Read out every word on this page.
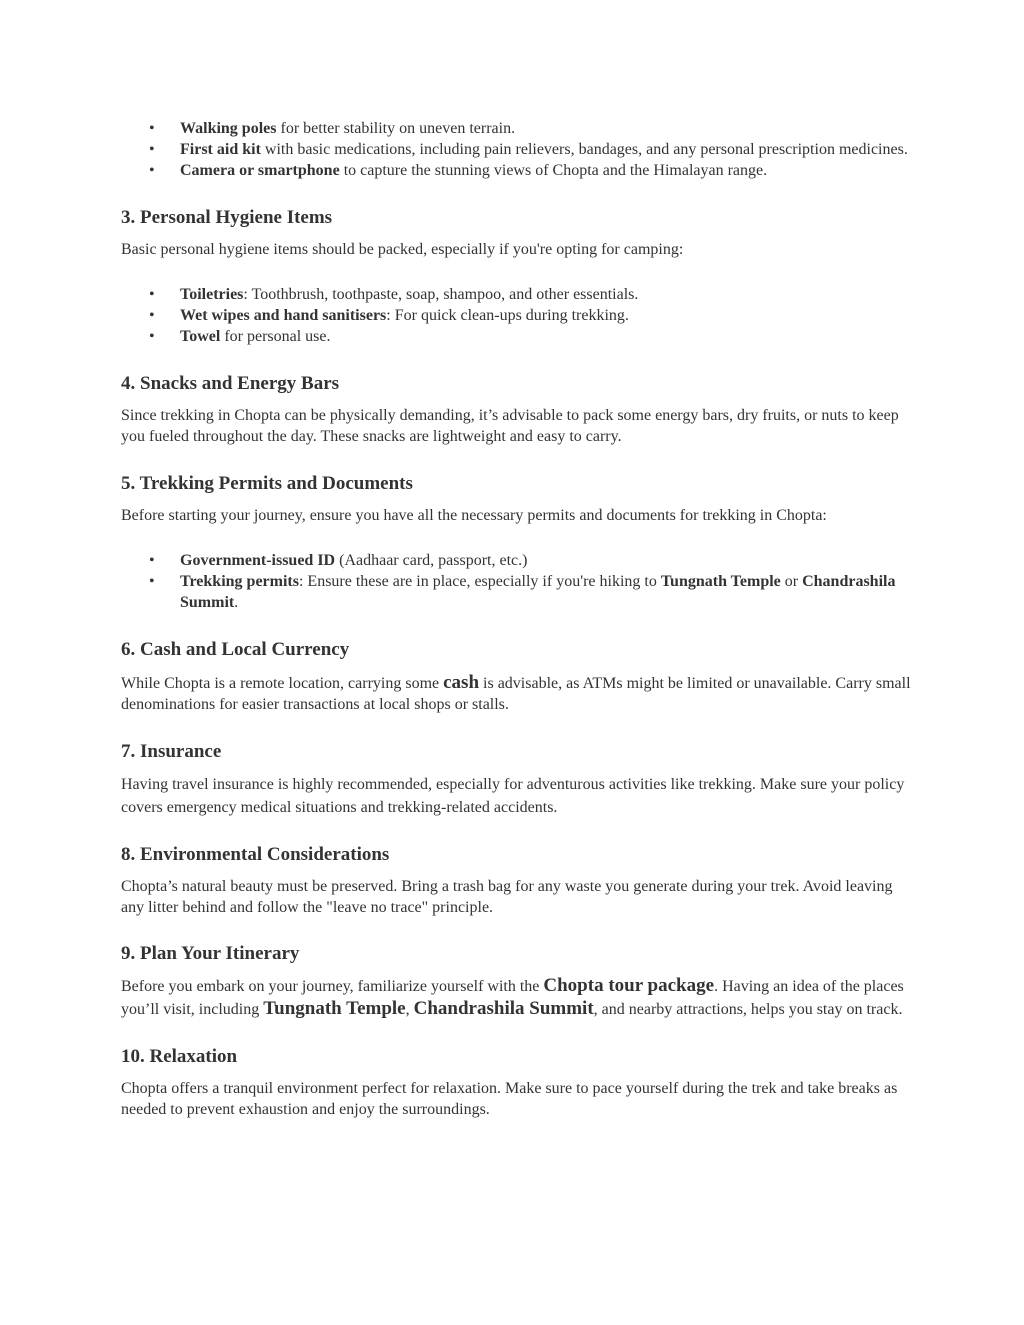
• Walking poles for better stability on uneven terrain.
• First aid kit with basic medications, including pain relievers, bandages, and any personal prescription medicines.
• Camera or smartphone to capture the stunning views of Chopta and the Himalayan range.
3. Personal Hygiene Items

Basic personal hygiene items should be packed, especially if you're opting for camping:

• Toiletries: Toothbrush, toothpaste, soap, shampoo, and other essentials.
• Wet wipes and hand sanitisers: For quick clean-ups during trekking.
• Towel for personal use.
4. Snacks and Energy Bars

Since trekking in Chopta can be physically demanding, it’s advisable to pack some energy bars, dry fruits, or nuts to keep you fueled throughout the day. These snacks are lightweight and easy to carry.

5. Trekking Permits and Documents

Before starting your journey, ensure you have all the necessary permits and documents for trekking in Chopta:

• Government-issued ID (Aadhaar card, passport, etc.)
• Trekking permits: Ensure these are in place, especially if you're hiking to Tungnath Temple or Chandrashila Summit.
6. Cash and Local Currency

While Chopta is a remote location, carrying some cash is advisable, as ATMs might be limited or unavailable. Carry small denominations for easier transactions at local shops or stalls.

7. Insurance

Having travel insurance is highly recommended, especially for adventurous activities like trekking. Make sure your policy covers emergency medical situations and trekking-related accidents.

8. Environmental Considerations

Chopta’s natural beauty must be preserved. Bring a trash bag for any waste you generate during your trek. Avoid leaving any litter behind and follow the "leave no trace" principle.

9. Plan Your Itinerary

Before you embark on your journey, familiarize yourself with the Chopta tour package. Having an idea of the places you’ll visit, including Tungnath Temple, Chandrashila Summit, and nearby attractions, helps you stay on track.

10. Relaxation

Chopta offers a tranquil environment perfect for relaxation. Make sure to pace yourself during the trek and take breaks as needed to prevent exhaustion and enjoy the surroundings.
